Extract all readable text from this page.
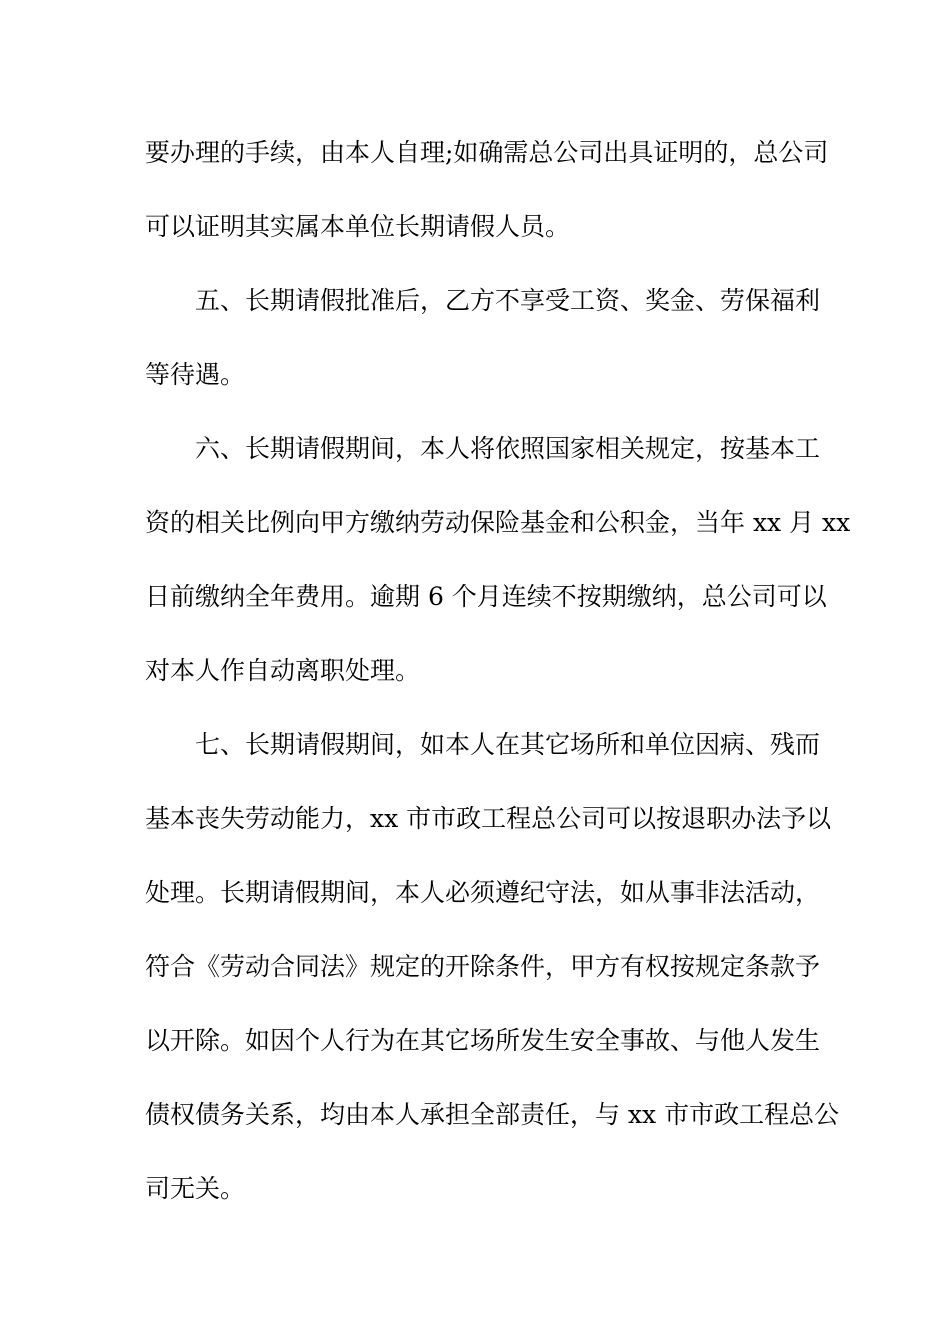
要办理的手续，由本人自理;如确需总公司出具证明的，总公司
可以证明其实属本单位长期请假人员。
　　五、长期请假批准后，乙方不享受工资、奖金、劳保福利
等待遇。
　　六、长期请假期间，本人将依照国家相关规定，按基本工
资的相关比例向甲方缴纳劳动保险基金和公积金，当年 xx 月 xx
日前缴纳全年费用。逾期 6 个月连续不按期缴纳，总公司可以
对本人作自动离职处理。
　　七、长期请假期间，如本人在其它场所和单位因病、残而
基本丧失劳动能力，xx 市市政工程总公司可以按退职办法予以
处理。长期请假期间，本人必须遵纪守法，如从事非法活动，
符合《劳动合同法》规定的开除条件，甲方有权按规定条款予
以开除。如因个人行为在其它场所发生安全事故、与他人发生
债权债务关系，均由本人承担全部责任，与 xx 市市政工程总公
司无关。
